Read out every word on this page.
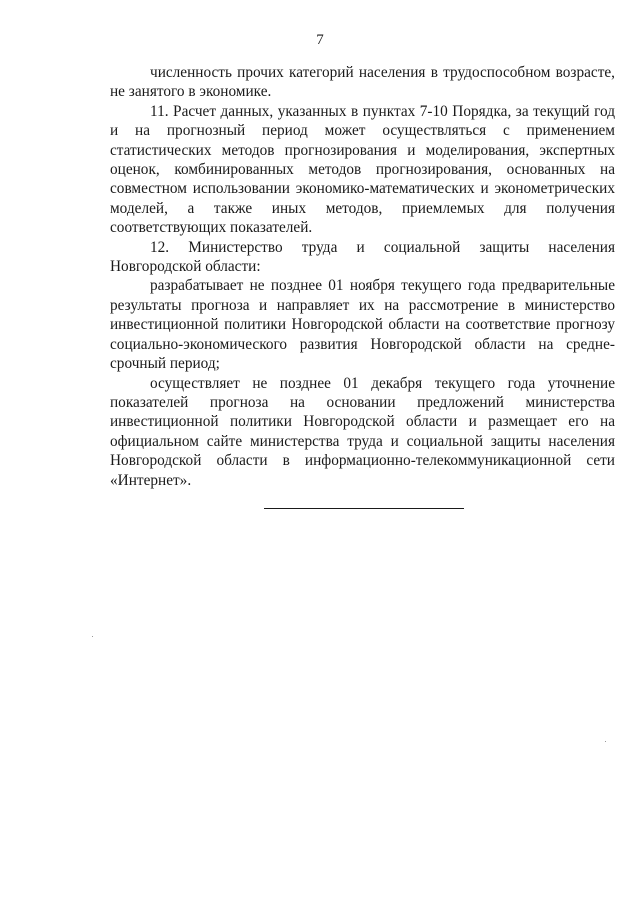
7

численность прочих категорий населения в трудоспособном возрасте, не занятого в экономике.

11. Расчет данных, указанных в пунктах 7-10 Порядка, за текущий год и на прогнозный период может осуществляться с применением статистических методов прогнозирования и моделирования, экспертных оценок, комбинированных методов прогнозирования, основанных на совместном использовании экономико-математических и эконометрических моделей, а также иных методов, приемлемых для получения соответствующих показателей.

12. Министерство труда и социальной защиты населения Новгородской области:

разрабатывает не позднее 01 ноября текущего года предварительные результаты прогноза и направляет их на рассмотрение в министерство инвестиционной политики Новгородской области на соответствие прогнозу социально-экономического развития Новгородской области на средне-срочный период;

осуществляет не позднее 01 декабря текущего года уточнение показателей прогноза на основании предложений министерства инвестиционной политики Новгородской области и размещает его на официальном сайте министерства труда и социальной защиты населения Новгородской области в информационно-телекоммуникационной сети «Интернет».
